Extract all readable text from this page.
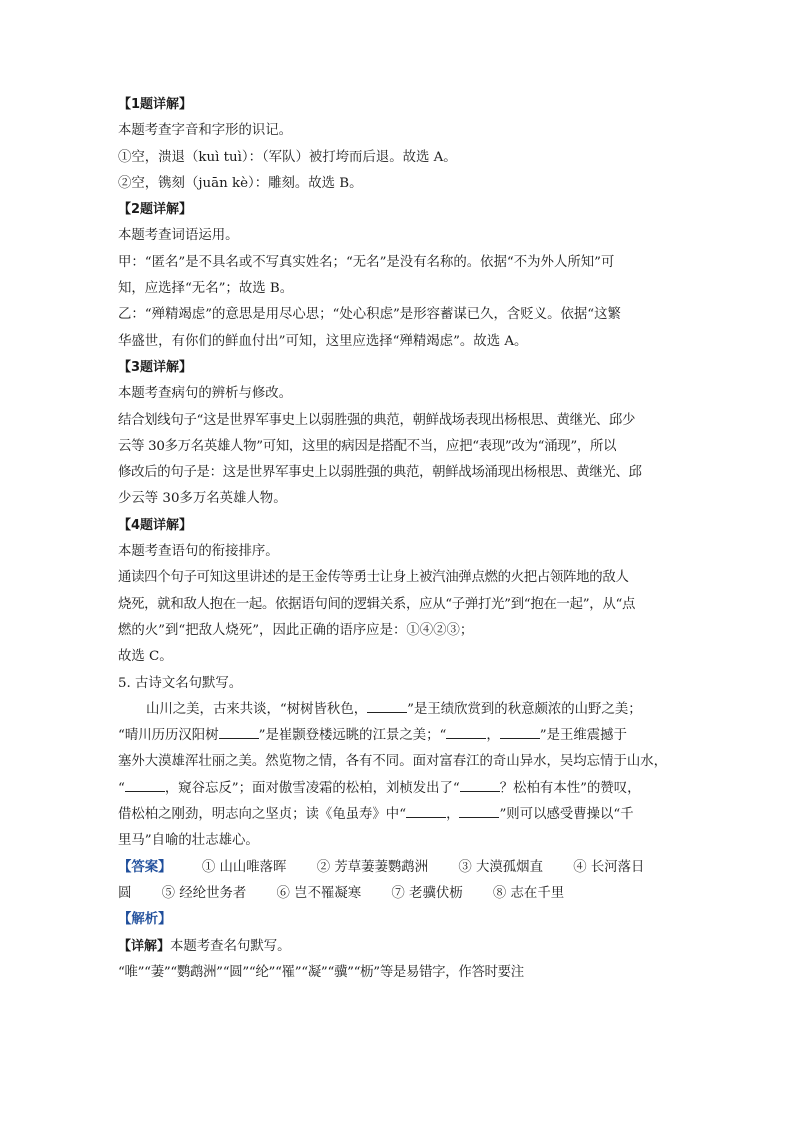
【1题详解】
本题考查字音和字形的识记。
①空，溃退（kuì tuì）：（军队）被打垮而后退。故选 A。
②空，镌刻（juān kè）：雕刻。故选 B。
【2题详解】
本题考查词语运用。
甲：“匿名”是不具名或不写真实姓名；“无名”是没有名称的。依据“不为外人所知”可
知，应选择“无名”；故选 B。
乙：“殚精竭虑”的意思是用尽心思；“处心积虑”是形容蓄谋已久，含贬义。依据“这繁
华盛世，有你们的鲜血付出”可知，这里应选择“殚精竭虑”。故选 A。
【3题详解】
本题考查病句的辨析与修改。
结合划线句子“这是世界军事史上以弱胜强的典范，朝鲜战场表现出杨根思、黄继光、邱少
云等 30多万名英雄人物”可知，这里的病因是搭配不当，应把“表现”改为“涌现”，所以
修改后的句子是：这是世界军事史上以弱胜强的典范，朝鲜战场涌现出杨根思、黄继光、邱
少云等 30多万名英雄人物。
【4题详解】
本题考查语句的衔接排序。
通读四个句子可知这里讲述的是王金传等勇士让身上被汽油弹点燃的火把占领阵地的敌人
烧死，就和敌人抱在一起。依据语句间的逻辑关系，应从“子弹打光”到“抱在一起”，从“点
燃的火”到“把敌人烧死”，因此正确的语序应是：①④②③；
故选 C。
5. 古诗文名句默写。
山川之美，古来共谈，“树树皆秋色，	”是王绩欣赏到的秋意颇浓的山野之美；
“晴川历历汉阳树	”是崔颢登楼远眺的江景之美；“	，	”是王维震撼于
塞外大漠雄浑壮丽之美。然览物之情，各有不同。面对富春江的奇山异水，吴均忘情于山水，
“	，窥谷忘反”；面对傲雪凌霜的松柏，刘桢发出了“	？松柏有本性”的赞叹，
借松柏之刚劲，明志向之坚贞；读《龟虽寿》中“	，	”则可以感受曹操以“千
里马”自喻的壮志雄心。
【答案】 ① 山山唯落晖 ② 芳草萋萋鹦鹉洲 ③ 大漠孤烟直 ④ 长河落日
圆 ⑤ 经纶世务者 ⑥ 岂不罹凝寒 ⑦ 老骥伏枥 ⑧ 志在千里
【解析】
【详解】本题考查名句默写。
“唯”“萋”“鹦鹉洲”“圆”“纶”“罹”“凝”“骥”“枥”等是易错字，作答时要注
